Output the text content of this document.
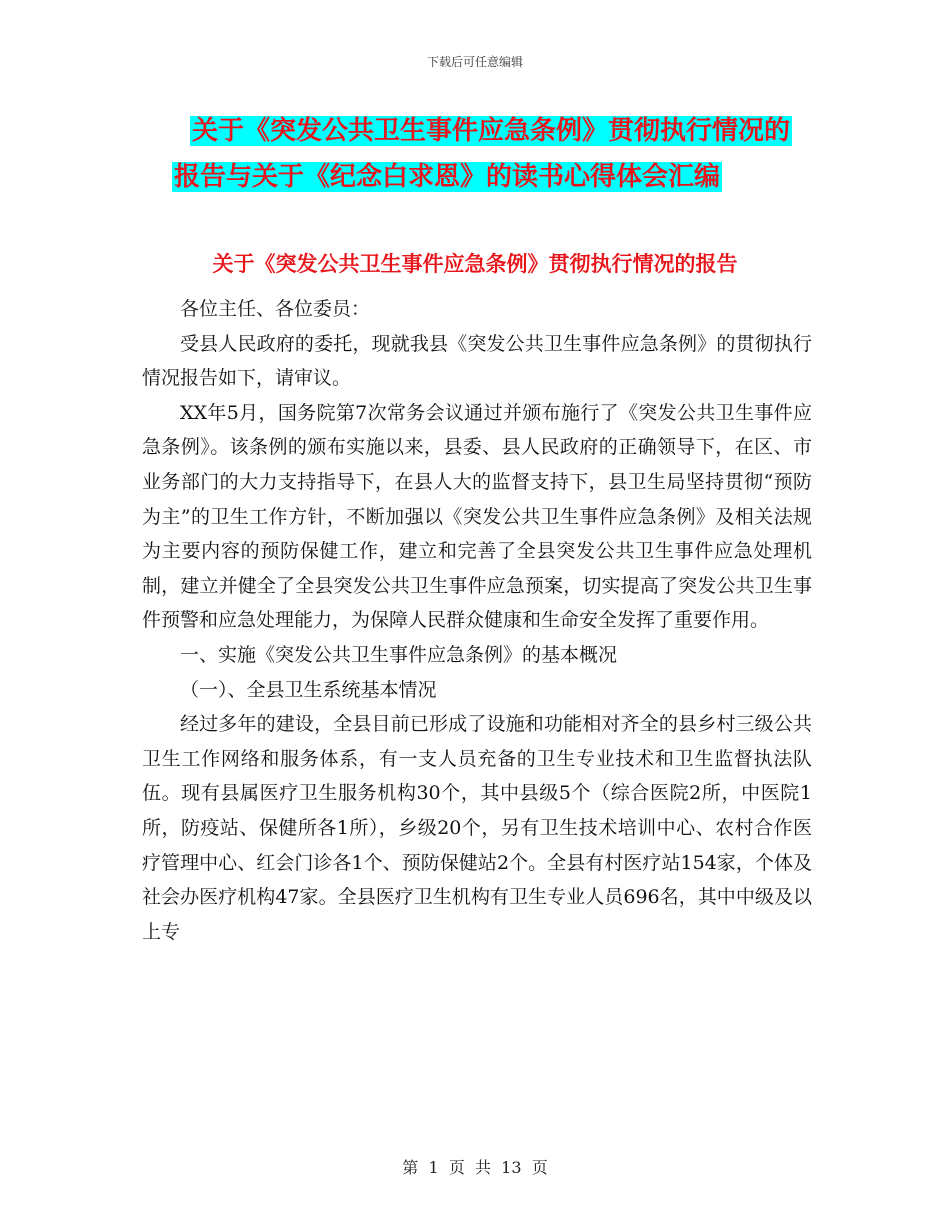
下载后可任意编辑
关于《突发公共卫生事件应急条例》贯彻执行情况的
报告与关于《纪念白求恩》的读书心得体会汇编
关于《突发公共卫生事件应急条例》贯彻执行情况的报告

各位主任、各位委员：

受县人民政府的委托，现就我县《突发公共卫生事件应急条例》的贯彻执行情况报告如下，请审议。

XX年5月，国务院第7次常务会议通过并颁布施行了《突发公共卫生事件应急条例》。该条例的颁布实施以来，县委、县人民政府的正确领导下，在区、市业务部门的大力支持指导下，在县人大的监督支持下，县卫生局坚持贯彻“预防为主”的卫生工作方针，不断加强以《突发公共卫生事件应急条例》及相关法规为主要内容的预防保健工作，建立和完善了全县突发公共卫生事件应急处理机制，建立并健全了全县突发公共卫生事件应急预案，切实提高了突发公共卫生事件预警和应急处理能力，为保障人民群众健康和生命安全发挥了重要作用。

一、实施《突发公共卫生事件应急条例》的基本概况

（一）、全县卫生系统基本情况

经过多年的建设，全县目前已形成了设施和功能相对齐全的县乡村三级公共卫生工作网络和服务体系，有一支人员充备的卫生专业技术和卫生监督执法队伍。现有县属医疗卫生服务机构30个，其中县级5个（综合医院2所，中医院1所，防疫站、保健所各1所），乡级20个，另有卫生技术培训中心、农村合作医疗管理中心、红会门诊各1个、预防保健站2个。全县有村医疗站154家，个体及社会办医疗机构47家。全县医疗卫生机构有卫生专业人员696名，其中中级及以上专

第  1  页  共  13  页
